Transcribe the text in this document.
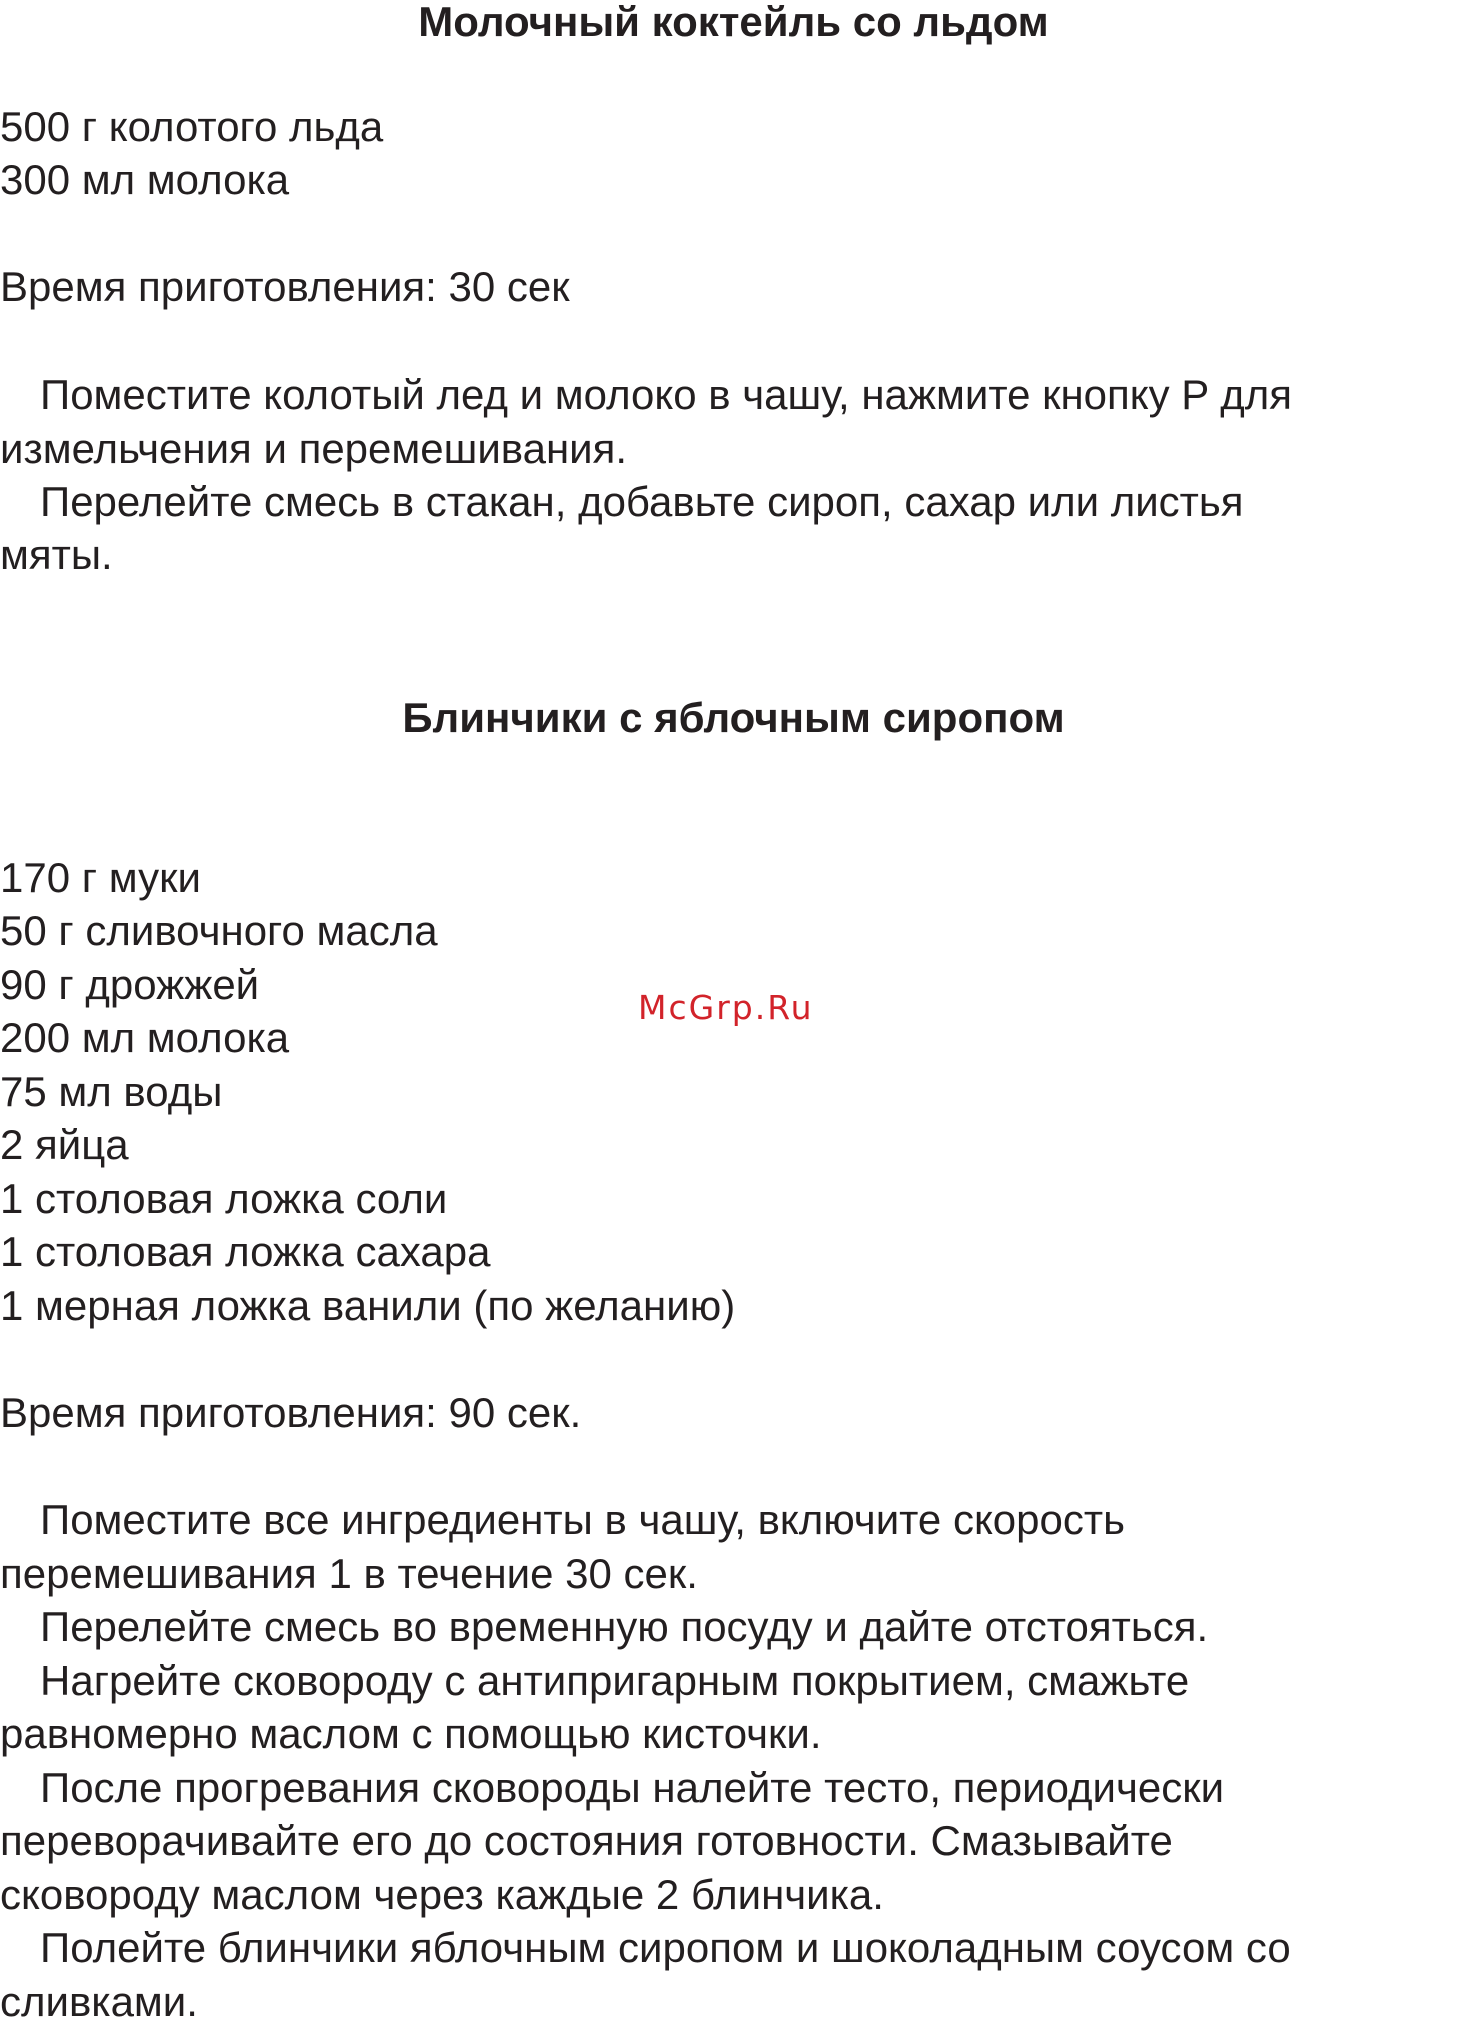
Молочный коктейль со льдом
500 г колотого льда
300 мл молока
Время приготовления: 30 сек
Поместите колотый лед и молоко в чашу, нажмите кнопку P для
измельчения и перемешивания.
Перелейте смесь в стакан, добавьте сироп, сахар или листья
мяты.
Блинчики с яблочным сиропом
170 г муки
50 г сливочного масла
90 г дрожжей
200 мл молока
75 мл воды
2 яйца
1 столовая ложка соли
1 столовая ложка сахара
1 мерная ложка ванили (по желанию)
Время приготовления: 90 сек.
Поместите все ингредиенты в чашу, включите скорость
перемешивания 1 в течение 30 сек.
Перелейте смесь во временную посуду и дайте отстояться.
Нагрейте сковороду с антипригарным покрытием, смажьте
равномерно маслом с помощью кисточки.
После прогревания сковороды налейте тесто, периодически
переворачивайте его до состояния готовности. Смазывайте
сковороду маслом через каждые 2 блинчика.
Полейте блинчики яблочным сиропом и шоколадным соусом со
сливками.
McGrp.Ru
